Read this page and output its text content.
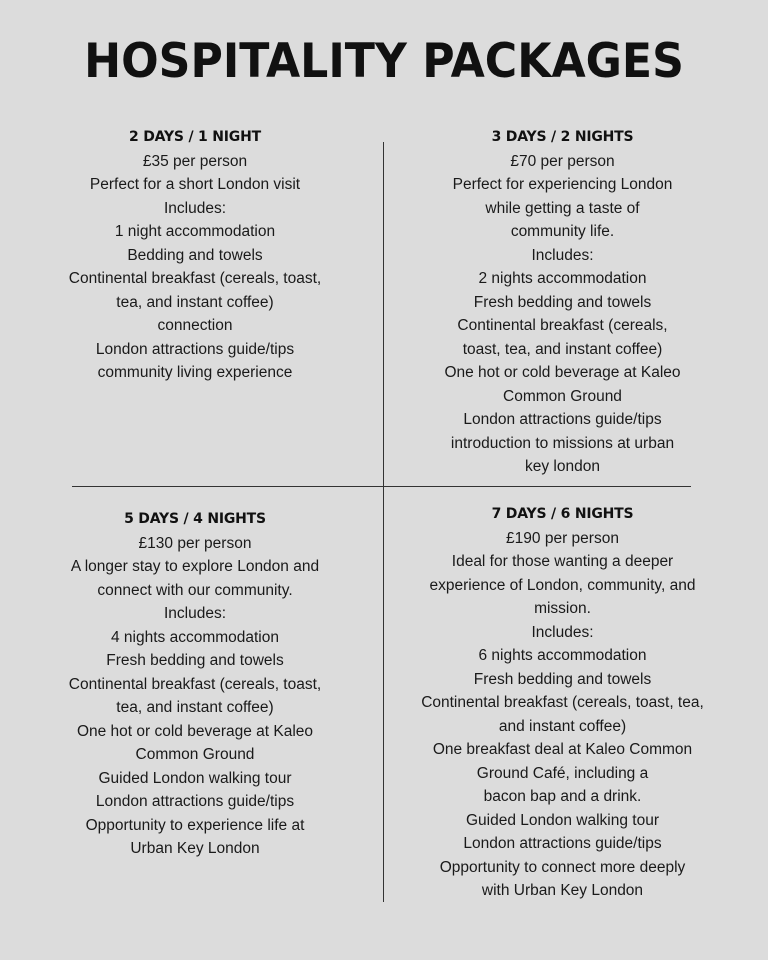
HOSPITALITY PACKAGES
2 DAYS / 1 NIGHT
£35 per person
Perfect for a short London visit
Includes:
1 night accommodation
Bedding and towels
Continental breakfast (cereals, toast,
tea, and instant coffee)
connection
London attractions guide/tips
community living experience
3 DAYS / 2 NIGHTS
£70 per person
Perfect for experiencing London
while getting a taste of
community life.
Includes:
2 nights accommodation
Fresh bedding and towels
Continental breakfast (cereals,
toast, tea, and instant coffee)
One hot or cold beverage at Kaleo
Common Ground
London attractions guide/tips
introduction to missions at urban
key london
5 DAYS / 4 NIGHTS
£130 per person
A longer stay to explore London and
connect with our community.
Includes:
4 nights accommodation
Fresh bedding and towels
Continental breakfast (cereals, toast,
tea, and instant coffee)
One hot or cold beverage at Kaleo
Common Ground
Guided London walking tour
London attractions guide/tips
Opportunity to experience life at
Urban Key London
7 DAYS / 6 NIGHTS
£190 per person
Ideal for those wanting a deeper
experience of London, community, and
mission.
Includes:
6 nights accommodation
Fresh bedding and towels
Continental breakfast (cereals, toast, tea,
and instant coffee)
One breakfast deal at Kaleo Common
Ground Café, including a
bacon bap and a drink.
Guided London walking tour
London attractions guide/tips
Opportunity to connect more deeply
with Urban Key London
